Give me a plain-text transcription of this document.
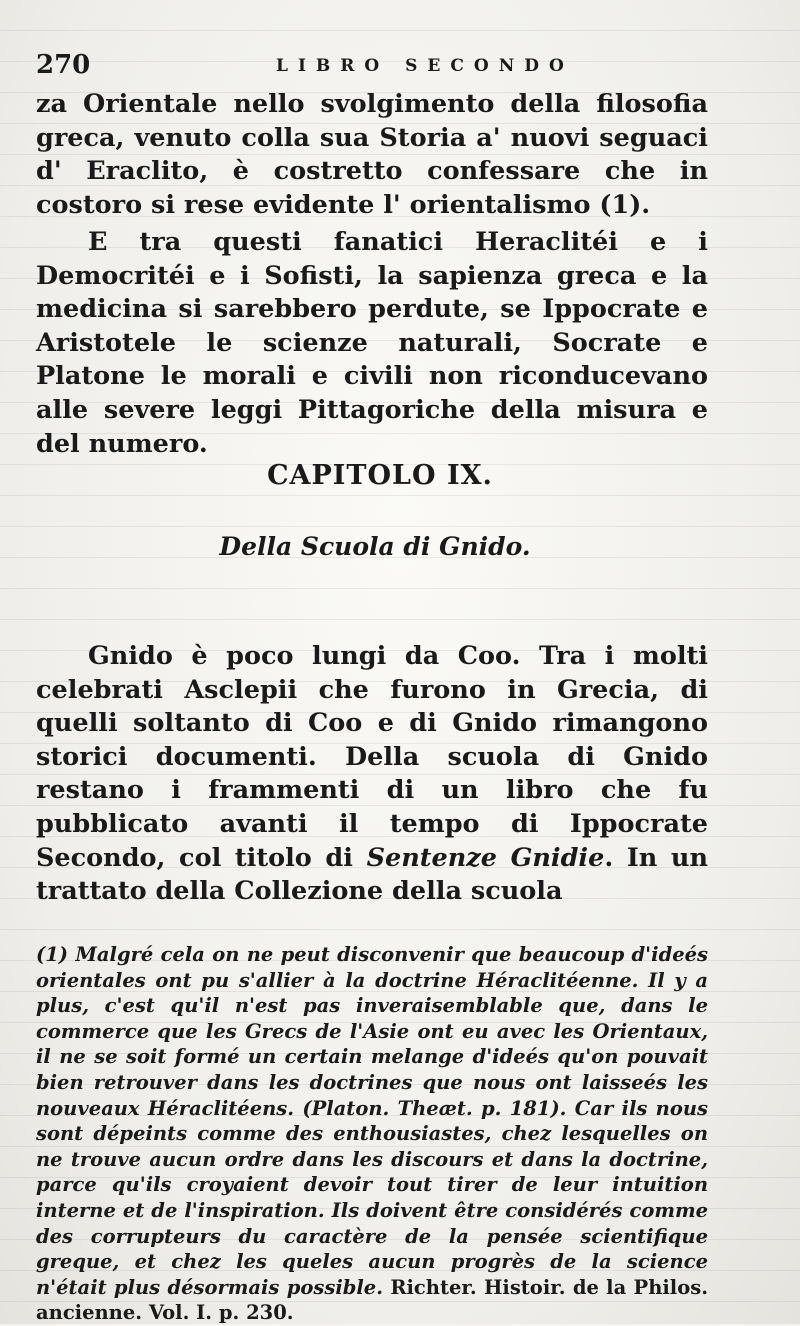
270	LIBRO SECONDO

za Orientale nello svolgimento della filosofia greca, venuto colla sua Storia a' nuovi seguaci d' Eraclito, è costretto confessare che in costoro si rese evidente l' orientalismo (1).

E tra questi fanatici Heraclitéi e i Democritéi e i Sofisti, la sapienza greca e la medicina si sarebbero perdute, se Ippocrate e Aristotele le scienze naturali, Socrate e Platone le morali e civili non riconducevano alle severe leggi Pittagoriche della misura e del numero.

CAPITOLO IX.
Della Scuola di Gnido.

Gnido è poco lungi da Coo. Tra i molti celebrati Asclepii che furono in Grecia, di quelli soltanto di Coo e di Gnido rimangono storici documenti. Della scuola di Gnido restano i frammenti di un libro che fu pubblicato avanti il tempo di Ippocrate Secondo, col titolo di Sentenze Gnidie. In un trattato della Collezione della scuola

(1) Malgré cela on ne peut disconvenir que beaucoup d'ideés orientales ont pu s'allier à la doctrine Héraclitéenne. Il y a plus, c'est qu'il n'est pas inveraisemblable que, dans le commerce que les Grecs de l'Asie ont eu avec les Orientaux, il ne se soit formé un certain melange d'ideés qu'on pouvait bien retrouver dans les doctrines que nous ont laisseés les nouveaux Héraclitéens. (Platon. Theæt. p. 181). Car ils nous sont dépeints comme des enthousiastes, chez lesquelles on ne trouve aucun ordre dans les discours et dans la doctrine, parce qu'ils croyaient devoir tout tirer de leur intuition interne et de l'inspiration. Ils doivent être considérés comme des corrupteurs du caractère de la pensée scientifique greque, et chez les queles aucun progrès de la science n'était plus désormais possible. Richter. Histoir. de la Philos. ancienne. Vol. I. p. 230.
